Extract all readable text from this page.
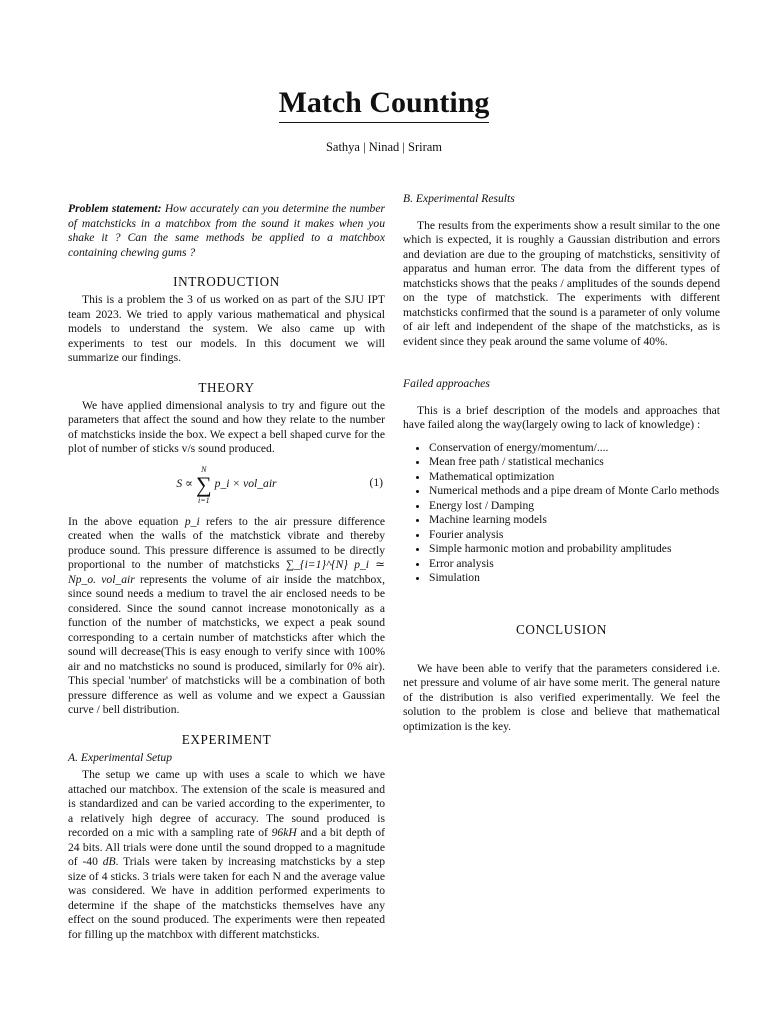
Match Counting
Sathya | Ninad | Sriram

Problem statement: How accurately can you determine the number of matchsticks in a matchbox from the sound it makes when you shake it ? Can the same methods be applied to a matchbox containing chewing gums ?

INTRODUCTION

This is a problem the 3 of us worked on as part of the SJU IPT team 2023. We tried to apply various mathematical and physical models to understand the system. We also came up with experiments to test our models. In this document we will summarize our findings.

THEORY

We have applied dimensional analysis to try and figure out the parameters that affect the sound and how they relate to the number of matchsticks inside the box. We expect a bell shaped curve for the plot of number of sticks v/s sound produced.

S ∝
N
∑
i=1
p_i × vol_air	(1)

In the above equation p_i refers to the air pressure difference created when the walls of the matchstick vibrate and thereby produce sound. This pressure difference is assumed to be directly proportional to the number of matchsticks ∑_{i=1}^{N} p_i ≃ Np_o. vol_air represents the volume of air inside the matchbox, since sound needs a medium to travel the air enclosed needs to be considered. Since the sound cannot increase monotonically as a function of the number of matchsticks, we expect a peak sound corresponding to a certain number of matchsticks after which the sound will decrease(This is easy enough to verify since with 100% air and no matchsticks no sound is produced, similarly for 0% air). This special 'number' of matchsticks will be a combination of both pressure difference as well as volume and we expect a Gaussian curve / bell distribution.

EXPERIMENT
A. Experimental Setup

The setup we came up with uses a scale to which we have attached our matchbox. The extension of the scale is measured and is standardized and can be varied according to the experimenter, to a relatively high degree of accuracy. The sound produced is recorded on a mic with a sampling rate of 96kH and a bit depth of 24 bits. All trials were done until the sound dropped to a magnitude of -40 dB. Trials were taken by increasing matchsticks by a step size of 4 sticks. 3 trials were taken for each N and the average value was considered. We have in addition performed experiments to determine if the shape of the matchsticks themselves have any effect on the sound produced. The experiments were then repeated for filling up the matchbox with different matchsticks.

B. Experimental Results

The results from the experiments show a result similar to the one which is expected, it is roughly a Gaussian distribution and errors and deviation are due to the grouping of matchsticks, sensitivity of apparatus and human error. The data from the different types of matchsticks shows that the peaks / amplitudes of the sounds depend on the type of matchstick. The experiments with different matchsticks confirmed that the sound is a parameter of only volume of air left and independent of the shape of the matchsticks, as is evident since they peak around the same volume of 40%.

Failed approaches

This is a brief description of the models and approaches that have failed along the way(largely owing to lack of knowledge) :

• Conservation of energy/momentum/....
• Mean free path / statistical mechanics
• Mathematical optimization
• Numerical methods and a pipe dream of Monte Carlo methods
• Energy lost / Damping
• Machine learning models
• Fourier analysis
• Simple harmonic motion and probability amplitudes
• Error analysis
• Simulation
CONCLUSION

We have been able to verify that the parameters considered i.e. net pressure and volume of air have some merit. The general nature of the distribution is also verified experimentally. We feel the solution to the problem is close and believe that mathematical optimization is the key.
